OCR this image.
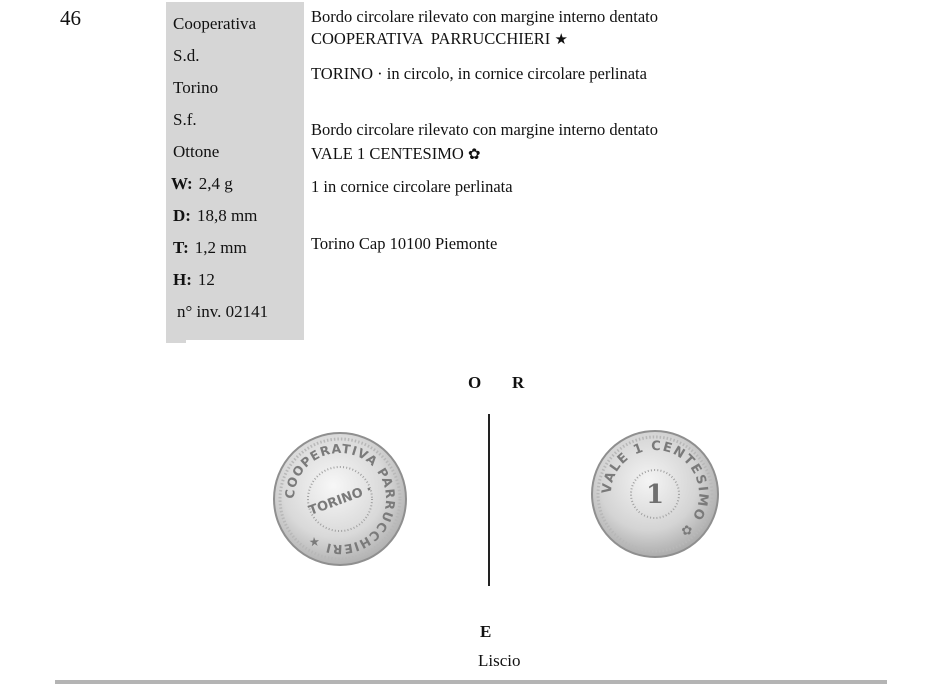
46	Cooperativa
S.d.
Torino
S.f.
Ottone
W: 2,4 g
D: 18,8 mm
T: 1,2 mm
H: 12
n° inv. 02141
Bordo circolare rilevato con margine interno dentato
COOPERATIVA  PARRUCCHIERI ★
TORINO · in circolo, in cornice circolare perlinata
Bordo circolare rilevato con margine interno dentato
VALE 1 CENTESIMO ✿
1 in cornice circolare perlinata
Torino Cap 10100 Piemonte
O R
COOPERATIVA PARRUCCHIERI ★
TORINO ·	VALE 1 CENTESIMO ✿
1
E
Liscio
